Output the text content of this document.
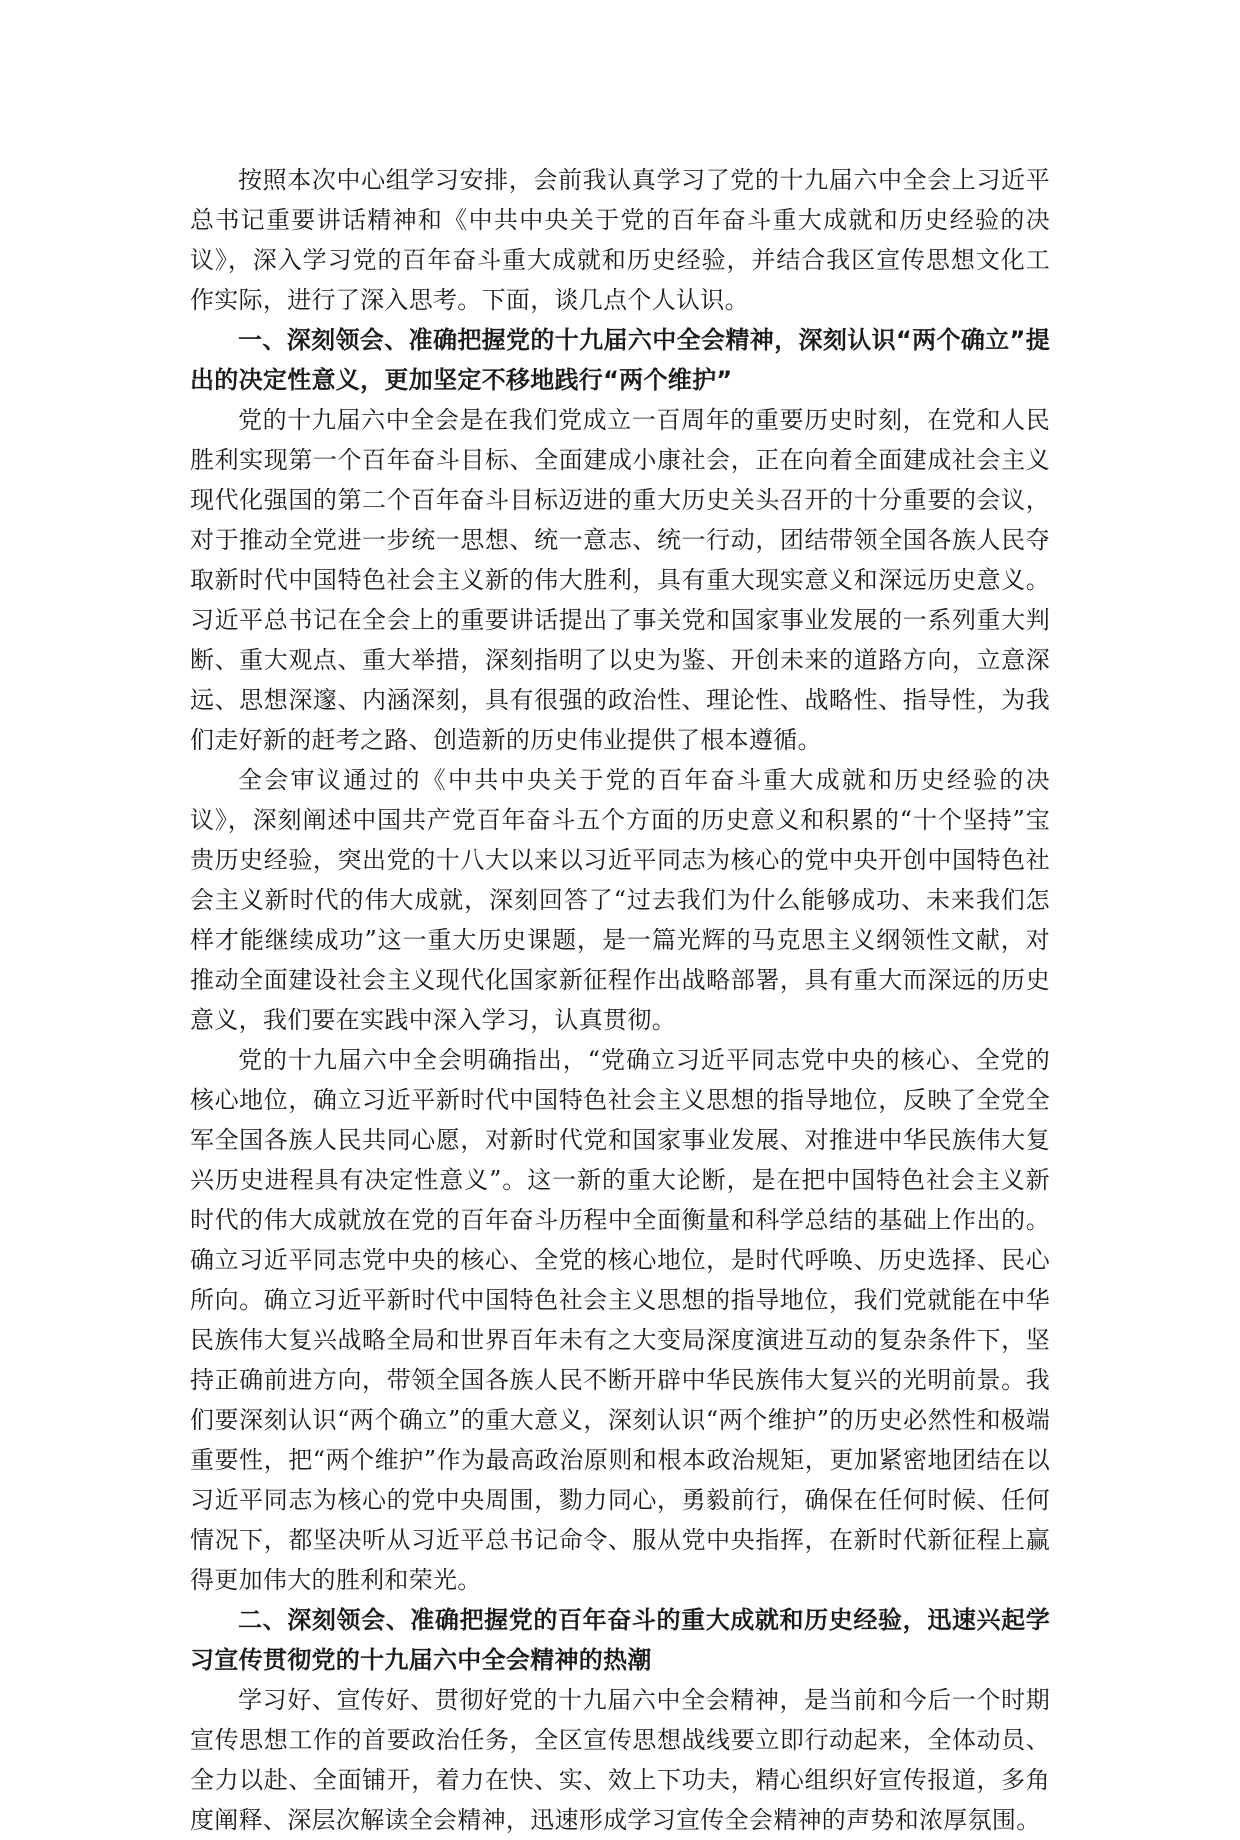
按照本次中心组学习安排，会前我认真学习了党的十九届六中全会上习近平总书记重要讲话精神和《中共中央关于党的百年奋斗重大成就和历史经验的决议》，深入学习党的百年奋斗重大成就和历史经验，并结合我区宣传思想文化工作实际，进行了深入思考。下面，谈几点个人认识。

一、深刻领会、准确把握党的十九届六中全会精神，深刻认识“两个确立”提出的决定性意义，更加坚定不移地践行“两个维护”

党的十九届六中全会是在我们党成立一百周年的重要历史时刻，在党和人民胜利实现第一个百年奋斗目标、全面建成小康社会，正在向着全面建成社会主义现代化强国的第二个百年奋斗目标迈进的重大历史关头召开的十分重要的会议，对于推动全党进一步统一思想、统一意志、统一行动，团结带领全国各族人民夺取新时代中国特色社会主义新的伟大胜利，具有重大现实意义和深远历史意义。习近平总书记在全会上的重要讲话提出了事关党和国家事业发展的一系列重大判断、重大观点、重大举措，深刻指明了以史为鉴、开创未来的道路方向，立意深远、思想深邃、内涵深刻，具有很强的政治性、理论性、战略性、指导性，为我们走好新的赶考之路、创造新的历史伟业提供了根本遵循。

全会审议通过的《中共中央关于党的百年奋斗重大成就和历史经验的决议》，深刻阐述中国共产党百年奋斗五个方面的历史意义和积累的“十个坚持”宝贵历史经验，突出党的十八大以来以习近平同志为核心的党中央开创中国特色社会主义新时代的伟大成就，深刻回答了“过去我们为什么能够成功、未来我们怎样才能继续成功”这一重大历史课题，是一篇光辉的马克思主义纲领性文献，对推动全面建设社会主义现代化国家新征程作出战略部署，具有重大而深远的历史意义，我们要在实践中深入学习，认真贯彻。

党的十九届六中全会明确指出，“党确立习近平同志党中央的核心、全党的核心地位，确立习近平新时代中国特色社会主义思想的指导地位，反映了全党全军全国各族人民共同心愿，对新时代党和国家事业发展、对推进中华民族伟大复兴历史进程具有决定性意义”。这一新的重大论断，是在把中国特色社会主义新时代的伟大成就放在党的百年奋斗历程中全面衡量和科学总结的基础上作出的。确立习近平同志党中央的核心、全党的核心地位，是时代呼唤、历史选择、民心所向。确立习近平新时代中国特色社会主义思想的指导地位，我们党就能在中华民族伟大复兴战略全局和世界百年未有之大变局深度演进互动的复杂条件下，坚持正确前进方向，带领全国各族人民不断开辟中华民族伟大复兴的光明前景。我们要深刻认识“两个确立”的重大意义，深刻认识“两个维护”的历史必然性和极端重要性，把“两个维护”作为最高政治原则和根本政治规矩，更加紧密地团结在以习近平同志为核心的党中央周围，勠力同心，勇毅前行，确保在任何时候、任何情况下，都坚决听从习近平总书记命令、服从党中央指挥，在新时代新征程上赢得更加伟大的胜利和荣光。

二、深刻领会、准确把握党的百年奋斗的重大成就和历史经验，迅速兴起学习宣传贯彻党的十九届六中全会精神的热潮

学习好、宣传好、贯彻好党的十九届六中全会精神，是当前和今后一个时期宣传思想工作的首要政治任务，全区宣传思想战线要立即行动起来，全体动员、全力以赴、全面铺开，着力在快、实、效上下功夫，精心组织好宣传报道，多角度阐释、深层次解读全会精神，迅速形成学习宣传全会精神的声势和浓厚氛围。
